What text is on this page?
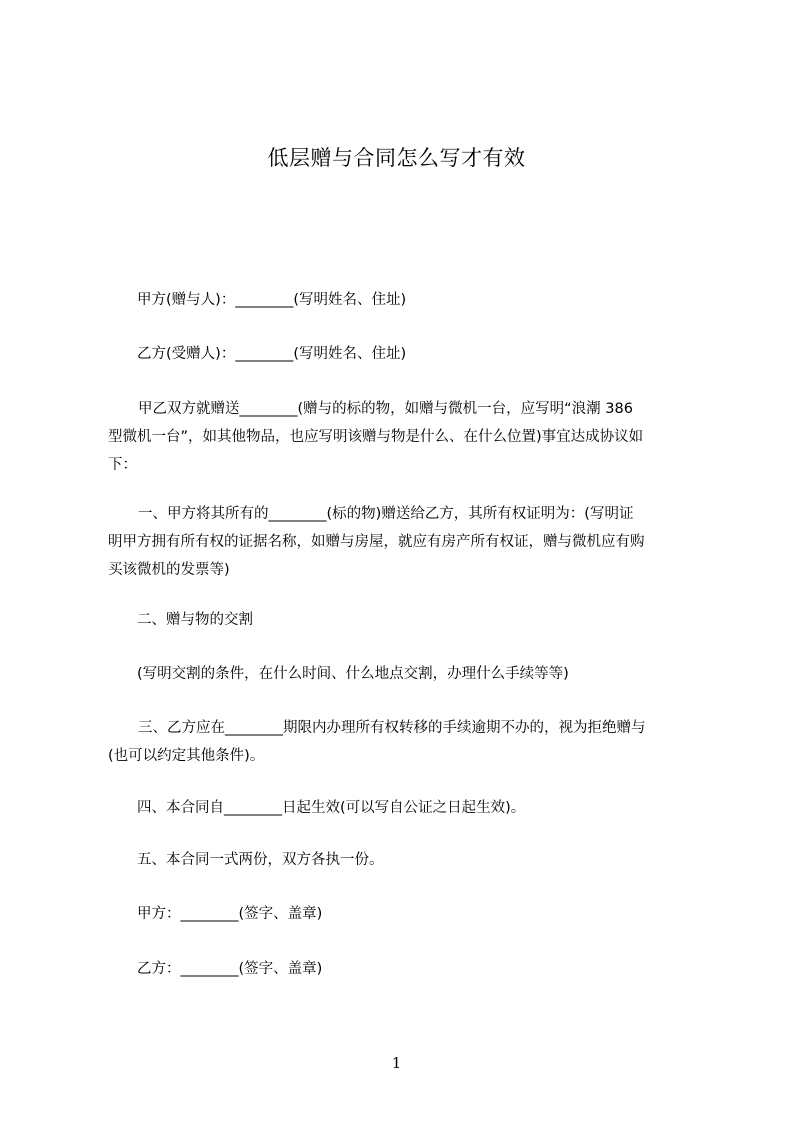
低层赠与合同怎么写才有效
甲方(赠与人)：________(写明姓名、住址)
乙方(受赠人)：________(写明姓名、住址)
甲乙双方就赠送________(赠与的标的物，如赠与微机一台，应写明“浪潮 386
型微机一台”，如其他物品，也应写明该赠与物是什么、在什么位置)事宜达成协议如
下：
一、甲方将其所有的________(标的物)赠送给乙方，其所有权证明为：(写明证
明甲方拥有所有权的证据名称，如赠与房屋，就应有房产所有权证，赠与微机应有购
买该微机的发票等)
二、赠与物的交割
(写明交割的条件，在什么时间、什么地点交割，办理什么手续等等)
三、乙方应在________期限内办理所有权转移的手续逾期不办的，视为拒绝赠与
(也可以约定其他条件)。
四、本合同自________日起生效(可以写自公证之日起生效)。
五、本合同一式两份，双方各执一份。
甲方：________(签字、盖章)
乙方：________(签字、盖章)
1
